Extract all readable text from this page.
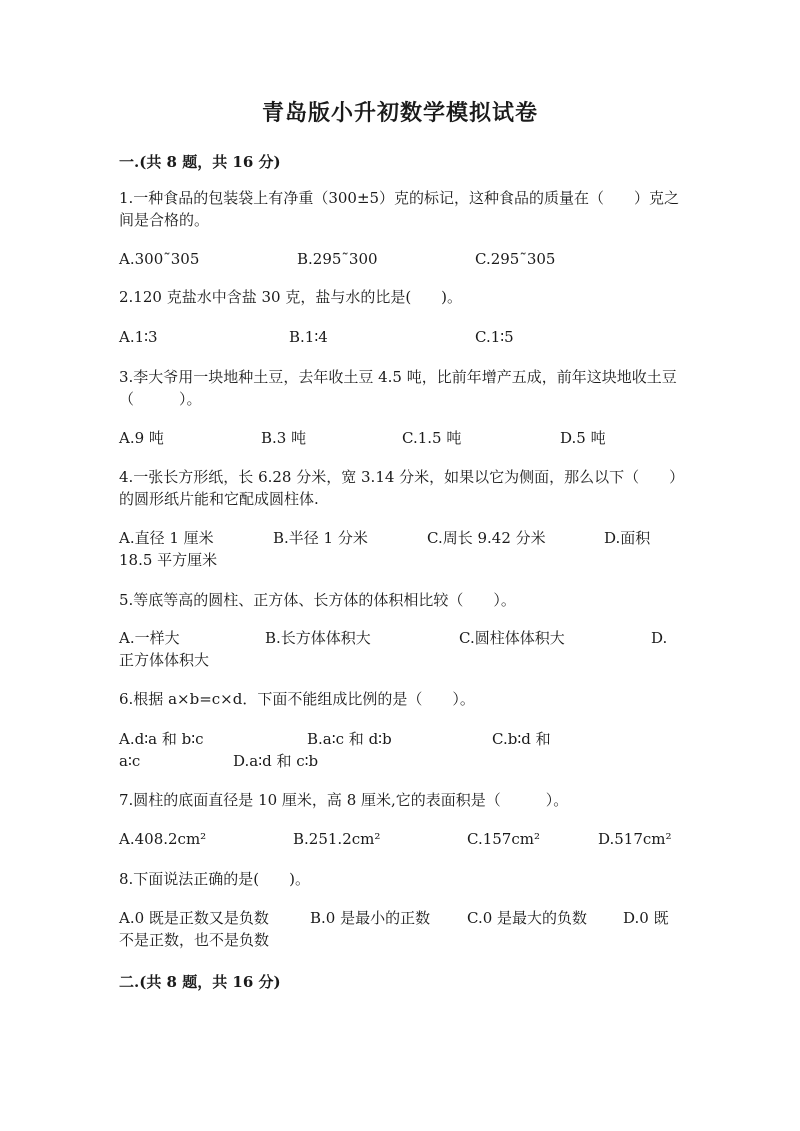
青岛版小升初数学模拟试卷
一.(共 8 题，共 16 分)
1.一种食品的包装袋上有净重（300±5）克的标记，这种食品的质量在（　　）克之间是合格的。
A.300˜305	B.295˜300	C.295˜305
2.120 克盐水中含盐 30 克，盐与水的比是(　　)。
A.1∶3	B.1∶4	C.1∶5
3.李大爷用一块地种土豆，去年收土豆 4.5 吨，比前年增产五成，前年这块地收土豆（　　　）。
A.9 吨	B.3 吨	C.1.5 吨	D.5 吨
4.一张长方形纸，长 6.28 分米，宽 3.14 分米，如果以它为侧面，那么以下（　　）的圆形纸片能和它配成圆柱体.
A.直径 1 厘米	B.半径 1 分米	C.周长 9.42 分米	D.面积
18.5 平方厘米
5.等底等高的圆柱、正方体、长方体的体积相比较（　　）。
A.一样大	B.长方体体积大	C.圆柱体体积大	D.
正方体体积大
6.根据 a×b=c×d．下面不能组成比例的是（　　）。
A.d∶a 和 b∶c	B.a∶c 和 d∶b	C.b∶d 和
a∶c	D.a∶d 和 c∶b
7.圆柱的底面直径是 10 厘米，高 8 厘米,它的表面积是（　　　）。
A.408.2cm²	B.251.2cm²	C.157cm²	D.517cm²
8.下面说法正确的是(　　)。
A.0 既是正数又是负数	B.0 是最小的正数 C.0 是最大的负数 D.0 既
不是正数，也不是负数
二.(共 8 题，共 16 分)
